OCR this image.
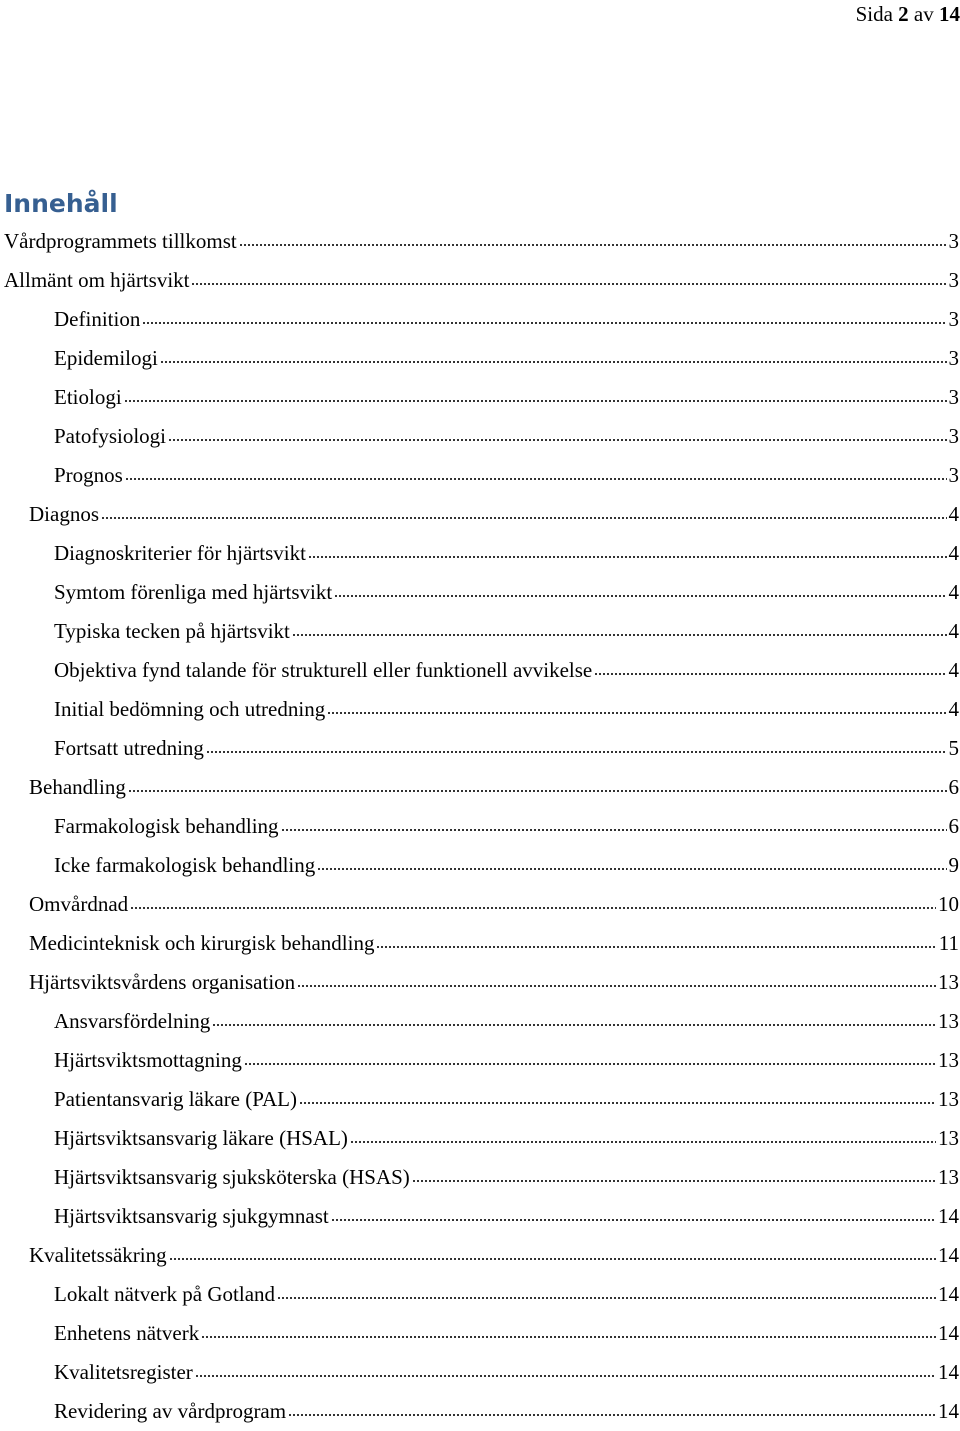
Sida 2 av 14
Innehåll
Vårdprogrammets tillkomst	3
Allmänt om hjärtsvikt	3
Definition	3
Epidemilogi	3
Etiologi	3
Patofysiologi	3
Prognos	3
Diagnos	4
Diagnoskriterier för hjärtsvikt	4
Symtom förenliga med hjärtsvikt	4
Typiska tecken på hjärtsvikt	4
Objektiva fynd talande för strukturell eller funktionell avvikelse	4
Initial bedömning och utredning	4
Fortsatt utredning	5
Behandling	6
Farmakologisk behandling	6
Icke farmakologisk behandling	9
Omvårdnad	10
Medicinteknisk och kirurgisk behandling	11
Hjärtsviktsvårdens organisation	13
Ansvarsfördelning	13
Hjärtsviktsmottagning	13
Patientansvarig läkare (PAL)	13
Hjärtsviktsansvarig läkare (HSAL)	13
Hjärtsviktsansvarig sjuksköterska (HSAS)	13
Hjärtsviktsansvarig sjukgymnast	14
Kvalitetssäkring	14
Lokalt nätverk på Gotland	14
Enhetens nätverk	14
Kvalitetsregister	14
Revidering av vårdprogram	14
